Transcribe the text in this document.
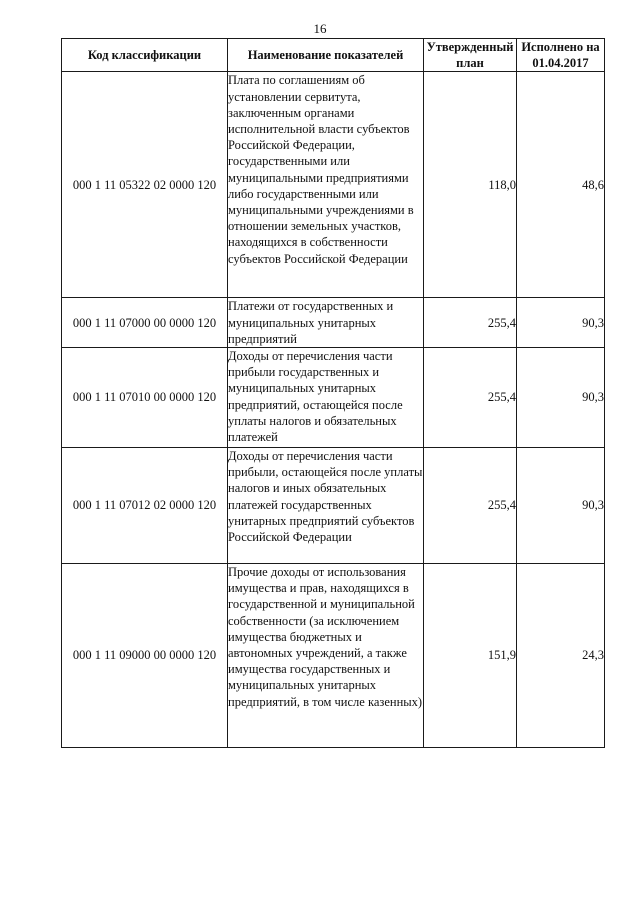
16
Код классификации	Наименование показателей	Утвержденный план	Исполнено на 01.04.2017
000 1 11 05322 02 0000 120	Плата по соглашениям об установлении сервитута, заключенным органами исполнительной власти субъектов Российской Федерации, государственными или муниципальными предприятиями либо государственными или муниципальными учреждениями в отношении земельных участков, находящихся в собственности субъектов Российской Федерации	118,0	48,6
000 1 11 07000 00 0000 120	Платежи от государственных и муниципальных унитарных предприятий	255,4	90,3
000 1 11 07010 00 0000 120	Доходы от перечисления части прибыли государственных и муниципальных унитарных предприятий, остающейся после уплаты налогов и обязательных платежей	255,4	90,3
000 1 11 07012 02 0000 120	Доходы от перечисления части прибыли, остающейся после уплаты налогов и иных обязательных платежей государственных унитарных предприятий субъектов Российской Федерации	255,4	90,3
000 1 11 09000 00 0000 120	Прочие доходы от использования имущества и прав, находящихся в государственной и муниципальной собственности (за исключением имущества бюджетных и автономных учреждений, а также имущества государственных и муниципальных унитарных предприятий, в том числе казенных)	151,9	24,3
